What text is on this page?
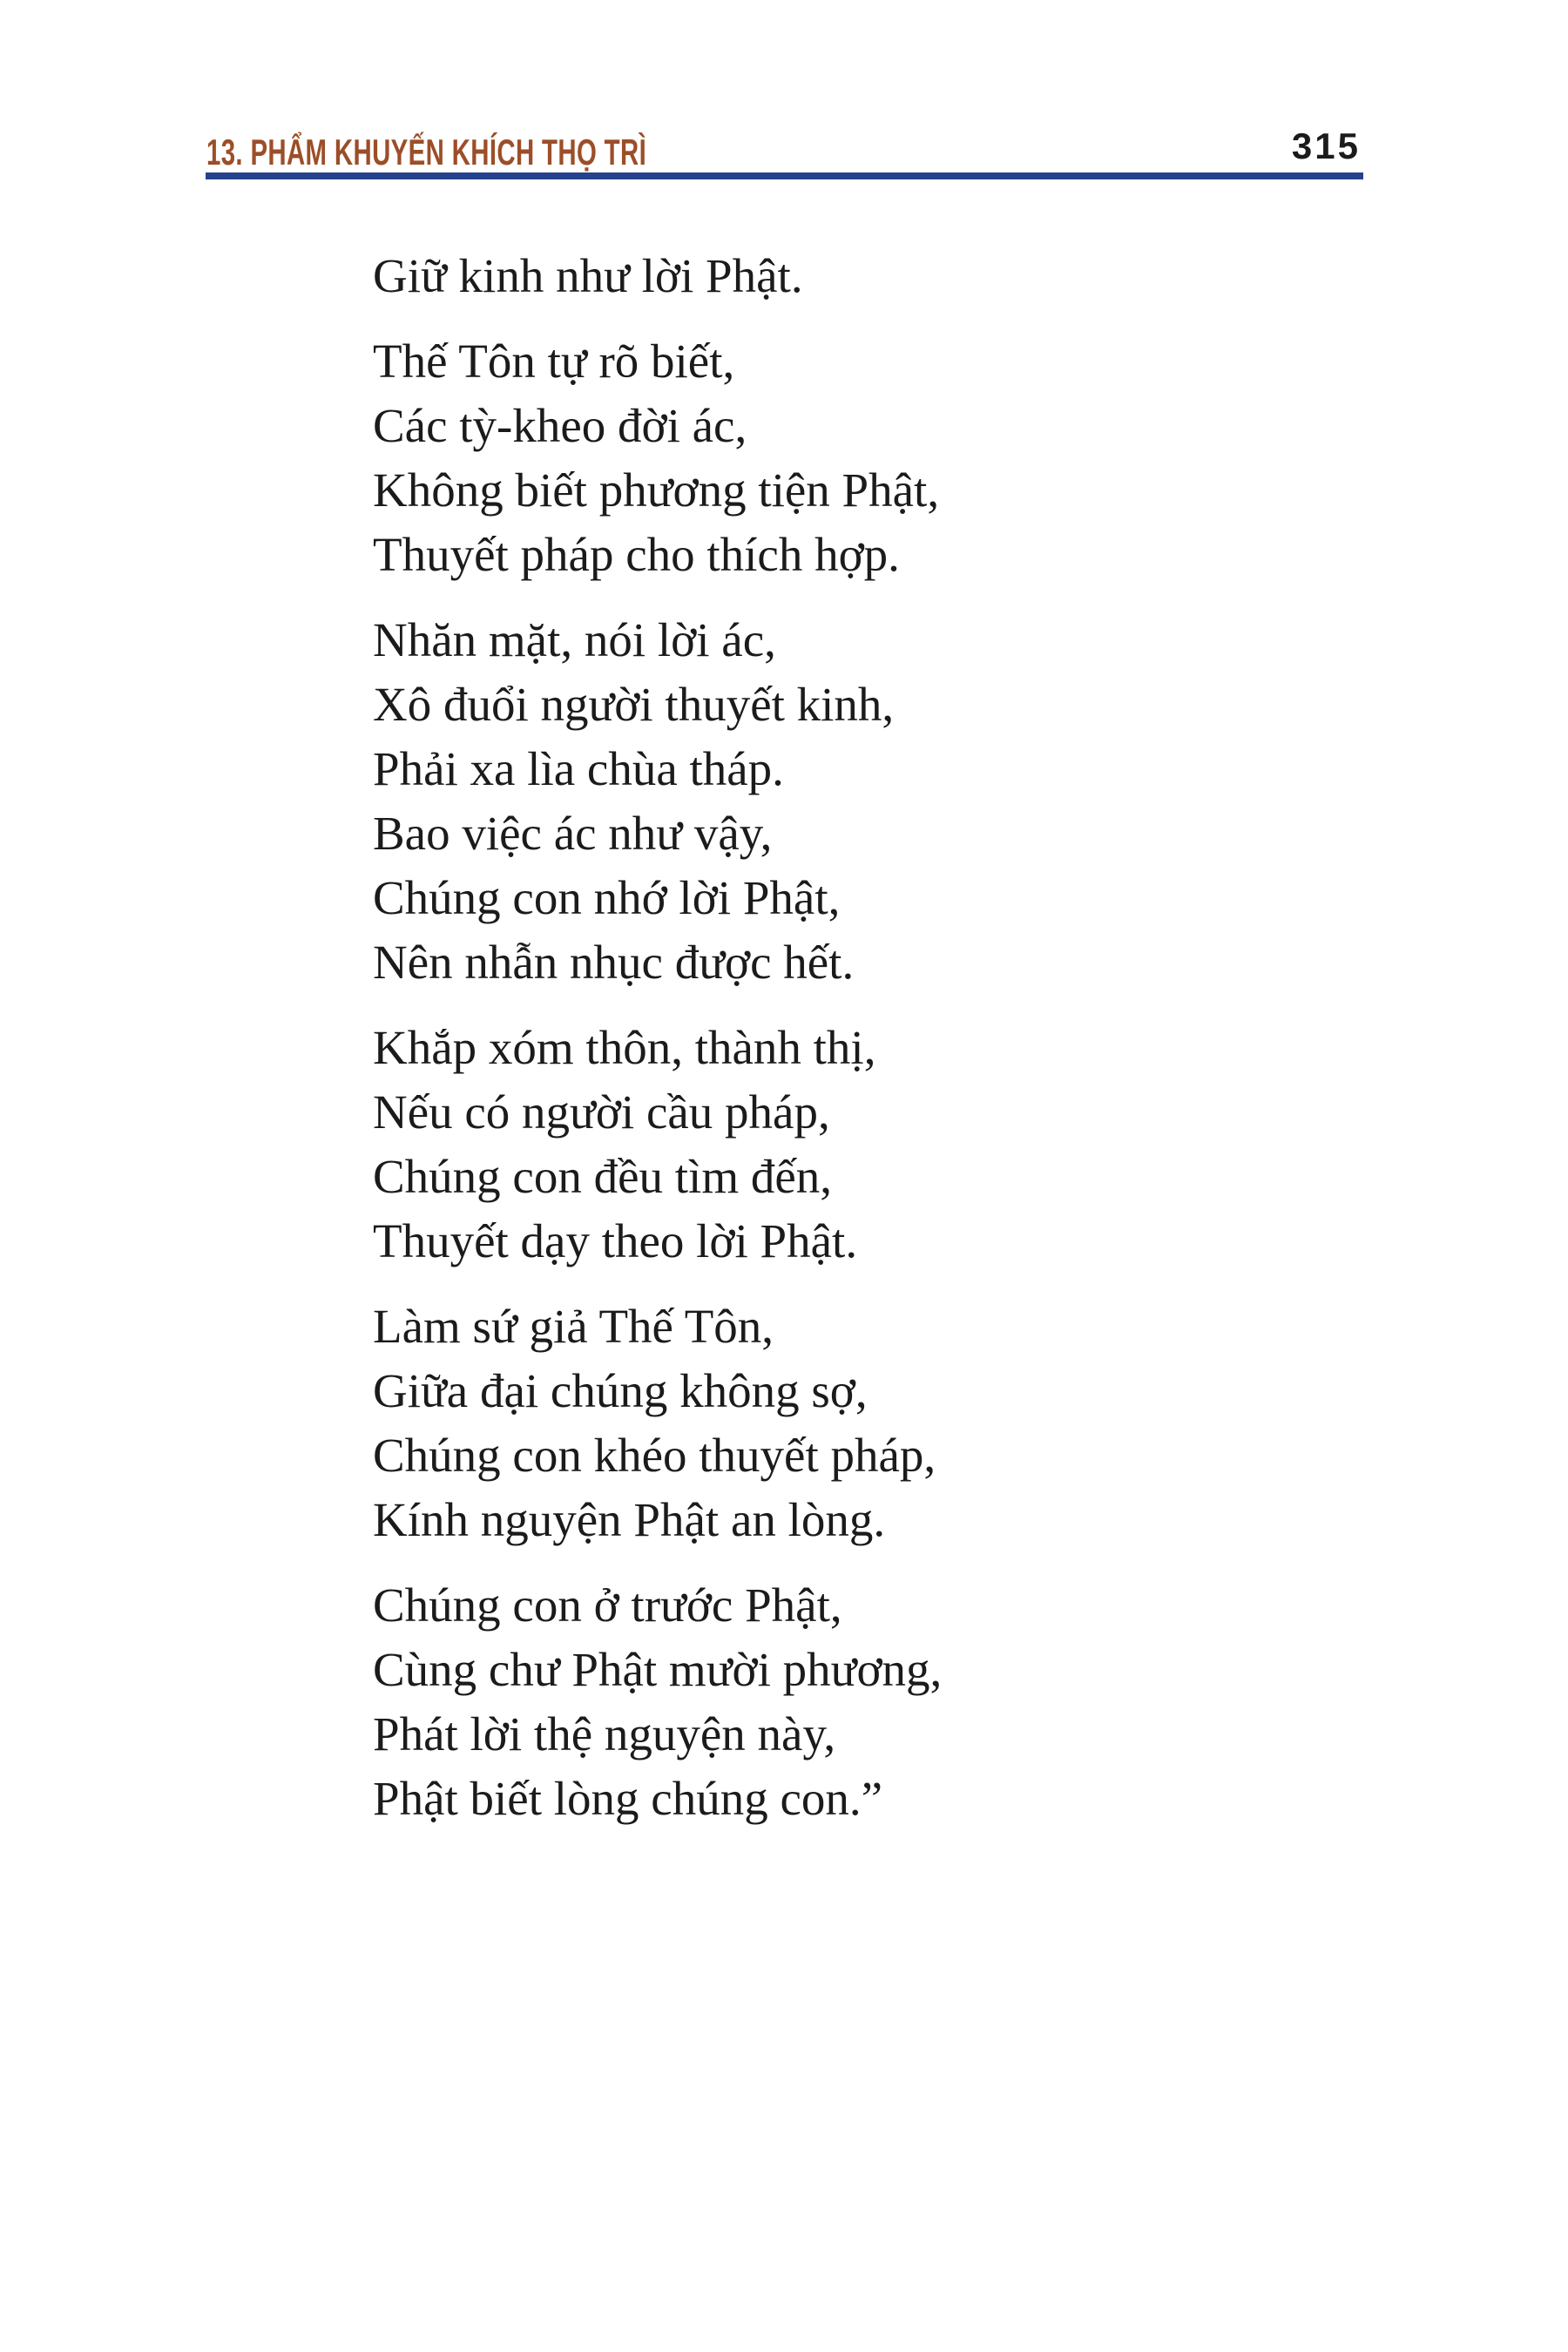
13. PHẨM KHUYẾN KHÍCH THỌ TRÌ	315
Giữ kinh như lời Phật.
Thế Tôn tự rõ biết,
Các tỳ-kheo đời ác,
Không biết phương tiện Phật,
Thuyết pháp cho thích hợp.
Nhăn mặt, nói lời ác,
Xô đuổi người thuyết kinh,
Phải xa lìa chùa tháp.
Bao việc ác như vậy,
Chúng con nhớ lời Phật,
Nên nhẫn nhục được hết.
Khắp xóm thôn, thành thị,
Nếu có người cầu pháp,
Chúng con đều tìm đến,
Thuyết dạy theo lời Phật.
Làm sứ giả Thế Tôn,
Giữa đại chúng không sợ,
Chúng con khéo thuyết pháp,
Kính nguyện Phật an lòng.
Chúng con ở trước Phật,
Cùng chư Phật mười phương,
Phát lời thệ nguyện này,
Phật biết lòng chúng con.”
